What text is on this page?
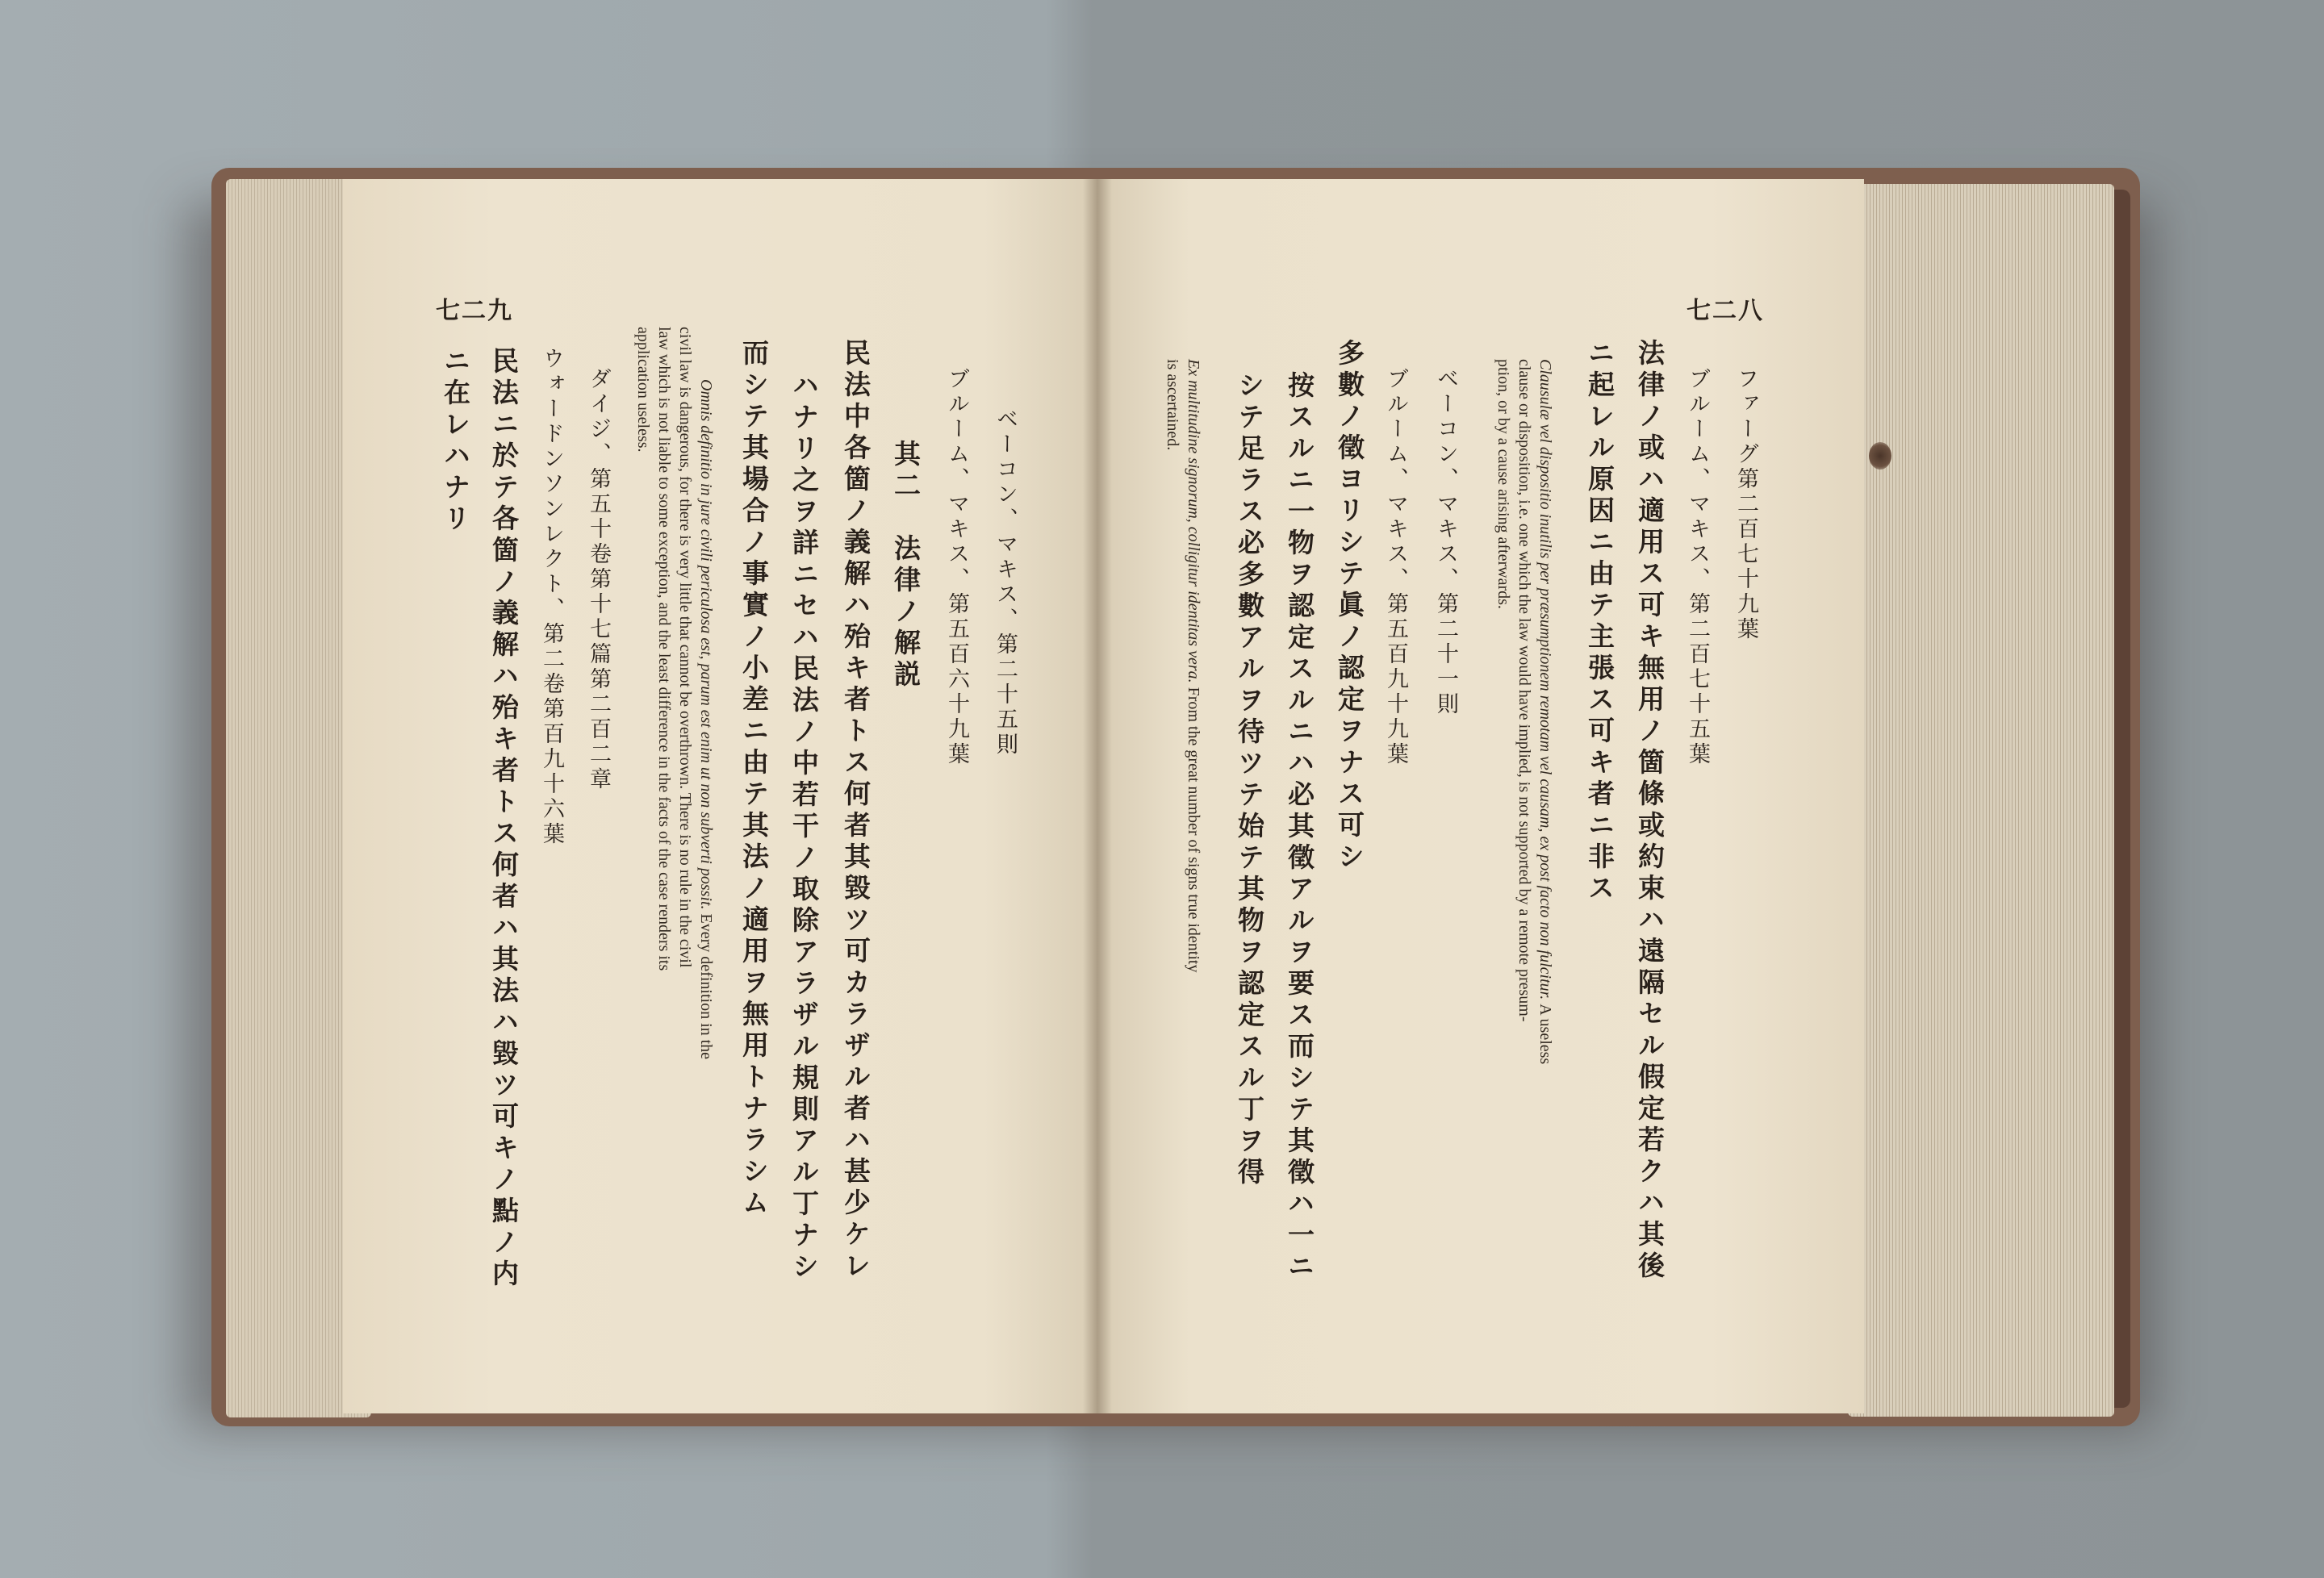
七二九
ベーコン、マキス、第二十五則
ブルーム、マキス、第五百六十九葉
其二　法律ノ解説
民法中各箇ノ義解ハ殆キ者トス何者其毀ツ可カラザル者ハ甚少ケレ
ハナリ之ヲ詳ニセハ民法ノ中若干ノ取除アラザル規則アル丁ナシ
而シテ其場合ノ事實ノ小差ニ由テ其法ノ適用ヲ無用トナラシム
Omnis definitio in jure civili periculosa est, parum est enim ut non subverti possit. Every definition in the
civil law is dangerous, for there is very little that cannot be overthrown. There is no rule in the civil
law which is not liable to some exception, and the least difference in the facts of the case renders its
application useless.
ダイジ、第五十卷第十七篇第二百二章
ウォードンソンレクト、第二卷第百九十六葉
民法ニ於テ各箇ノ義解ハ殆キ者トス何者ハ其法ハ毀ツ可キノ點ノ内
ニ在レハナリ
七二八
ファーグ第二百七十九葉
ブルーム、マキス、第二百七十五葉
法律ノ或ハ適用ス可キ無用ノ箇條或約束ハ遠隔セル假定若クハ其後
ニ起レル原因ニ由テ主張ス可キ者ニ非ス
Clausulæ vel dispositio inutilis per præsumptionem remotam vel causam, ex post facto non fulcitur. A useless
clause or disposition, i.e. one which the law would have implied, is not supported by a remote presum-
ption, or by a cause arising afterwards.
ベーコン、マキス、第二十一則
ブルーム、マキス、第五百九十九葉
多數ノ徵ヨリシテ眞ノ認定ヲナス可シ
按スルニ一物ヲ認定スルニハ必其徵アルヲ要ス而シテ其徵ハ一ニ
シテ足ラス必多數アルヲ待ツテ始テ其物ヲ認定スル丁ヲ得
Ex multitudine signorum, colligitur identitas vera. From the great number of signs true identity
is ascertained.
